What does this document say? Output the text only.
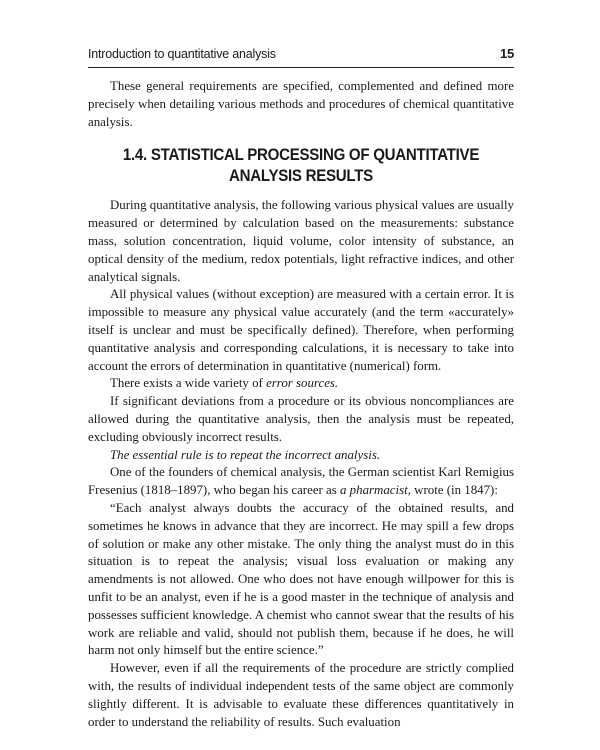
Introduction to quantitative analysis	15

These general requirements are specified, complemented and defined more precisely when detailing various methods and procedures of chemical quantitative analysis.

1.4. STATISTICAL PROCESSING OF QUANTITATIVE
ANALYSIS RESULTS

During quantitative analysis, the following various physical values are usually measured or determined by calculation based on the measurements: substance mass, solution concentration, liquid volume, color intensity of substance, an optical density of the medium, redox potentials, light refractive indices, and other analytical signals.

All physical values (without exception) are measured with a certain error. It is impossible to measure any physical value accurately (and the term «accurately» itself is unclear and must be specifically defined). Therefore, when performing quantitative analysis and corresponding calculations, it is necessary to take into account the errors of determination in quantitative (numerical) form.

There exists a wide variety of error sources.

If significant deviations from a procedure or its obvious noncompliances are allowed during the quantitative analysis, then the analysis must be repeated, excluding obviously incorrect results.

The essential rule is to repeat the incorrect analysis.

One of the founders of chemical analysis, the German scientist Karl Remigius Fresenius (1818–1897), who began his career as a pharmacist, wrote (in 1847):

“Each analyst always doubts the accuracy of the obtained results, and sometimes he knows in advance that they are incorrect. He may spill a few drops of solution or make any other mistake. The only thing the analyst must do in this situation is to repeat the analysis; visual loss evaluation or making any amendments is not allowed. One who does not have enough willpower for this is unfit to be an analyst, even if he is a good master in the technique of analysis and possesses sufficient knowledge. A chemist who cannot swear that the results of his work are reliable and valid, should not publish them, because if he does, he will harm not only himself but the entire science.”

However, even if all the requirements of the procedure are strictly complied with, the results of individual independent tests of the same object are commonly slightly different. It is advisable to evaluate these differences quantitatively in order to understand the reliability of results. Such evaluation
